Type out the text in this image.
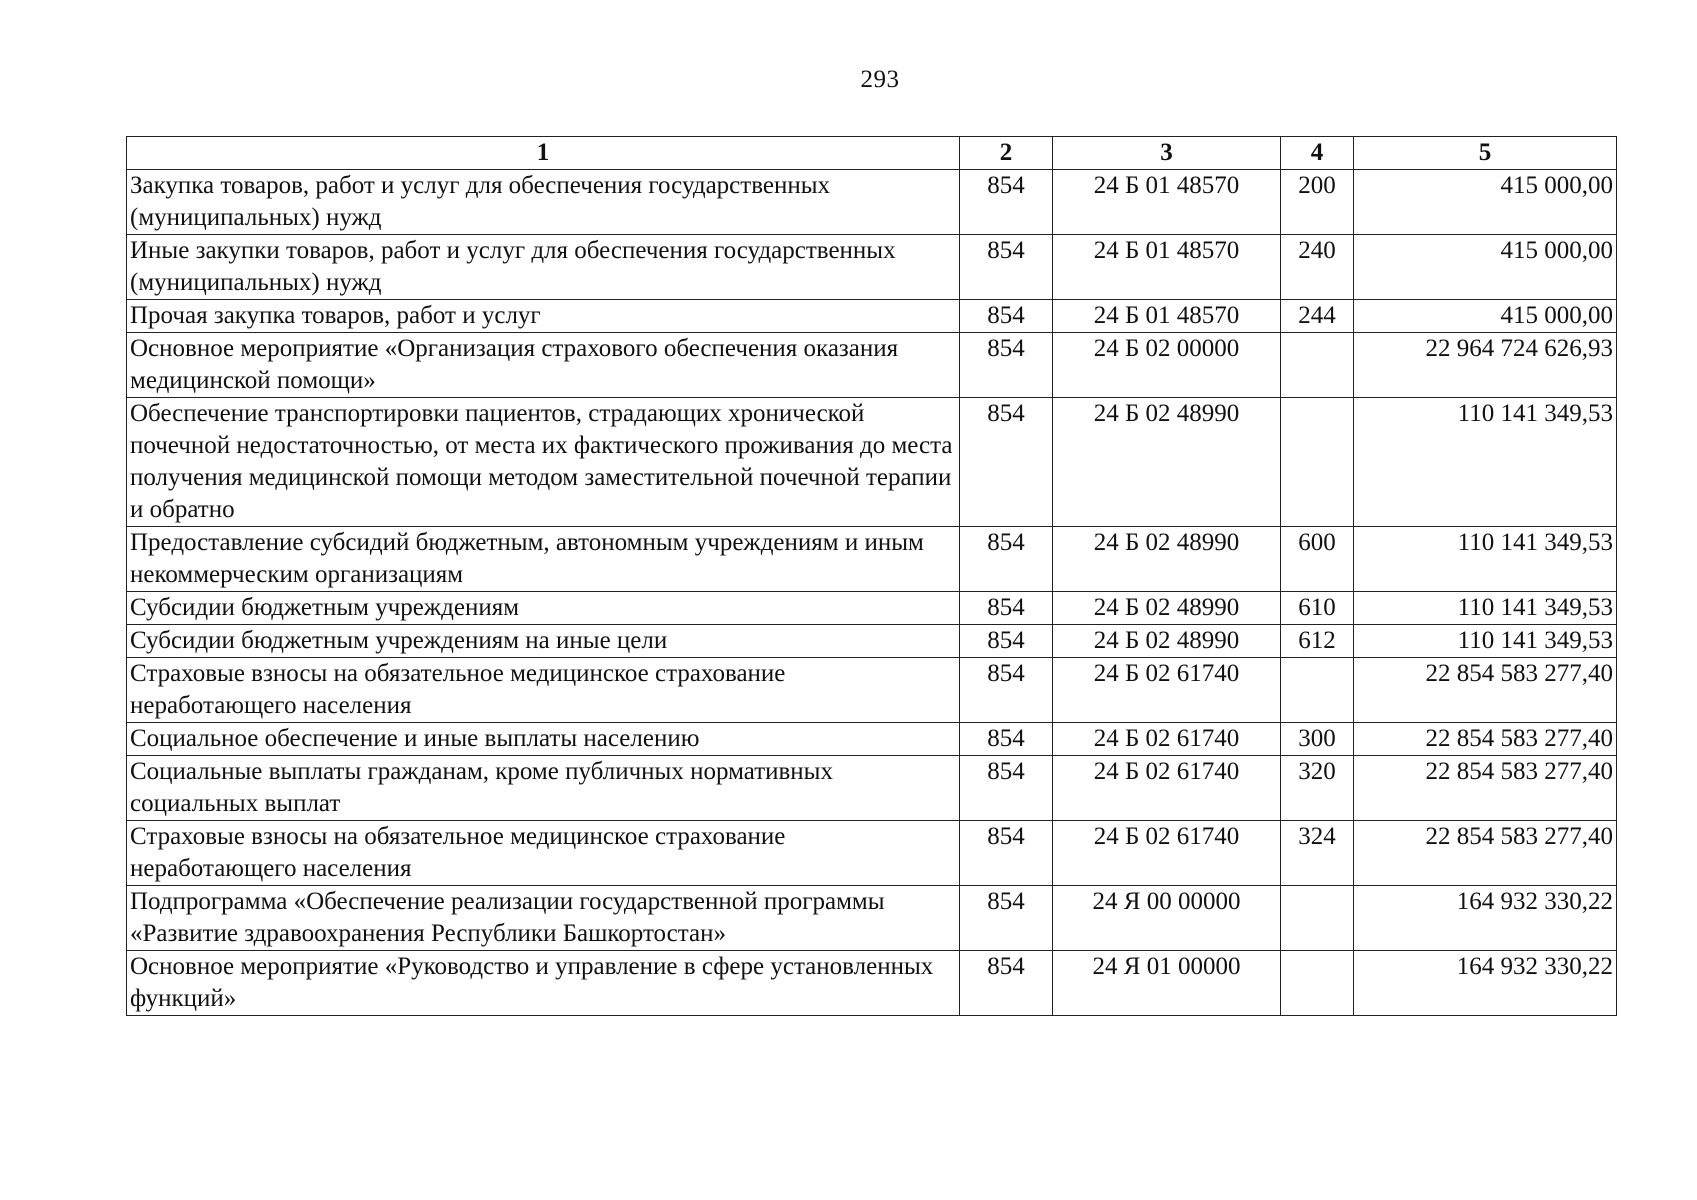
293
1	2	3	4	5
Закупка товаров, работ и услуг для обеспечения государственных (муниципальных) нужд	854	24 Б 01 48570	200	415 000,00
Иные закупки товаров, работ и услуг для обеспечения государственных (муниципальных) нужд	854	24 Б 01 48570	240	415 000,00
Прочая закупка товаров, работ и услуг	854	24 Б 01 48570	244	415 000,00
Основное мероприятие «Организация страхового обеспечения оказания медицинской помощи»	854	24 Б 02 00000		22 964 724 626,93
Обеспечение транспортировки пациентов, страдающих хронической почечной недостаточностью, от места их фактического проживания до места получения медицинской помощи методом заместительной почечной терапии и обратно	854	24 Б 02 48990		110 141 349,53
Предоставление субсидий бюджетным, автономным учреждениям и иным некоммерческим организациям	854	24 Б 02 48990	600	110 141 349,53
Субсидии бюджетным учреждениям	854	24 Б 02 48990	610	110 141 349,53
Субсидии бюджетным учреждениям на иные цели	854	24 Б 02 48990	612	110 141 349,53
Страховые взносы на обязательное медицинское страхование неработающего населения	854	24 Б 02 61740		22 854 583 277,40
Социальное обеспечение и иные выплаты населению	854	24 Б 02 61740	300	22 854 583 277,40
Социальные выплаты гражданам, кроме публичных нормативных социальных выплат	854	24 Б 02 61740	320	22 854 583 277,40
Страховые взносы на обязательное медицинское страхование неработающего населения	854	24 Б 02 61740	324	22 854 583 277,40
Подпрограмма «Обеспечение реализации государственной программы «Развитие здравоохранения Республики Башкортостан»	854	24 Я 00 00000		164 932 330,22
Основное мероприятие «Руководство и управление в сфере установленных функций»	854	24 Я 01 00000		164 932 330,22
